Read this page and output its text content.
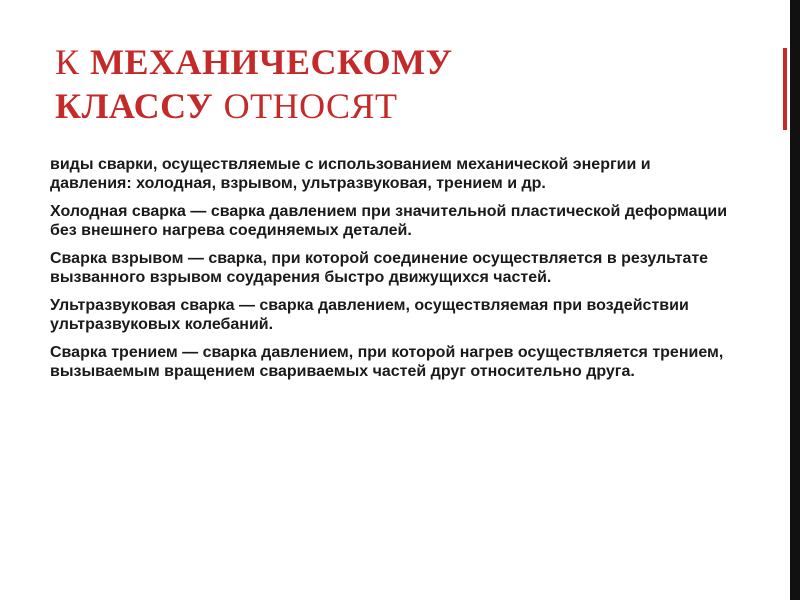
К МЕХАНИЧЕСКОМУ
КЛАССУ ОТНОСЯТ

виды сварки, осуществляемые с использованием механической энергии и давления: холодная, взрывом, ультразвуковая, трением и др.

Холодная сварка — сварка давлением при значительной пластической деформации без внешнего нагрева соединяемых деталей.

Сварка взрывом — сварка, при которой соединение осуществляется в результате вызванного взрывом соударения быстро движущихся частей.

Ультразвуковая сварка — сварка давлением, осуществляемая при воздействии ультразвуковых колебаний.

Сварка трением — сварка давлением, при которой нагрев осуществляется трением, вызываемым вращением свариваемых частей друг относительно друга.
